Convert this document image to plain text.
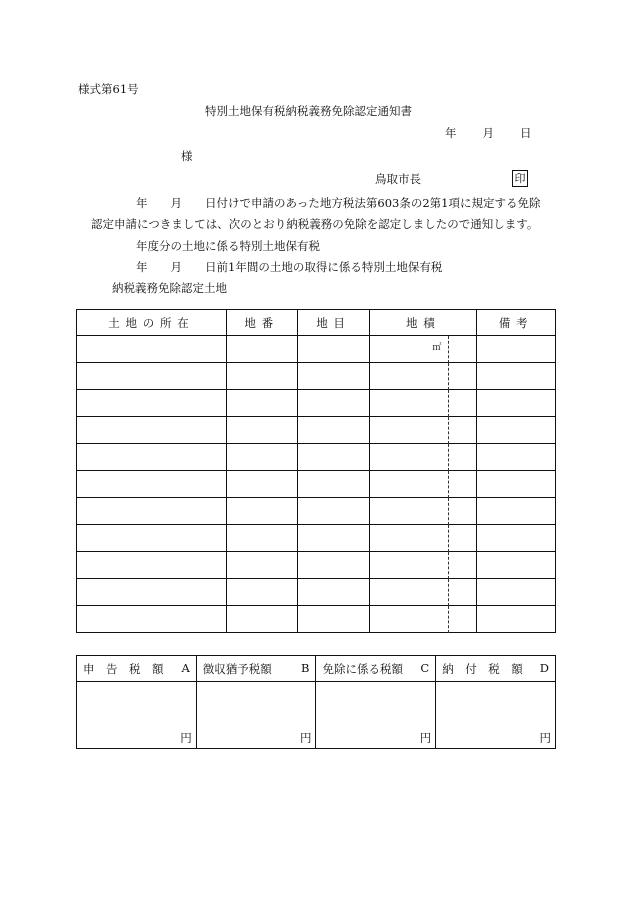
様式第61号
特別土地保有税納税義務免除認定通知書
年 月 日
様
鳥取市長	印
年　　月　　日付けで申請のあった地方税法第603条の2第1項に規定する免除
認定申請につきましては、次のとおり納税義務の免除を認定しましたので通知します。
年度分の土地に係る特別土地保有税
年　　月　　日前1年間の土地の取得に係る特別土地保有税
納税義務免除認定土地
土地の所在	地番	地目	地積	備考

			㎡	

申　告　税　額 A	徴収猶予税額 B	免除に係る税額 C	納　付　税　額 D

円	円	円	円
